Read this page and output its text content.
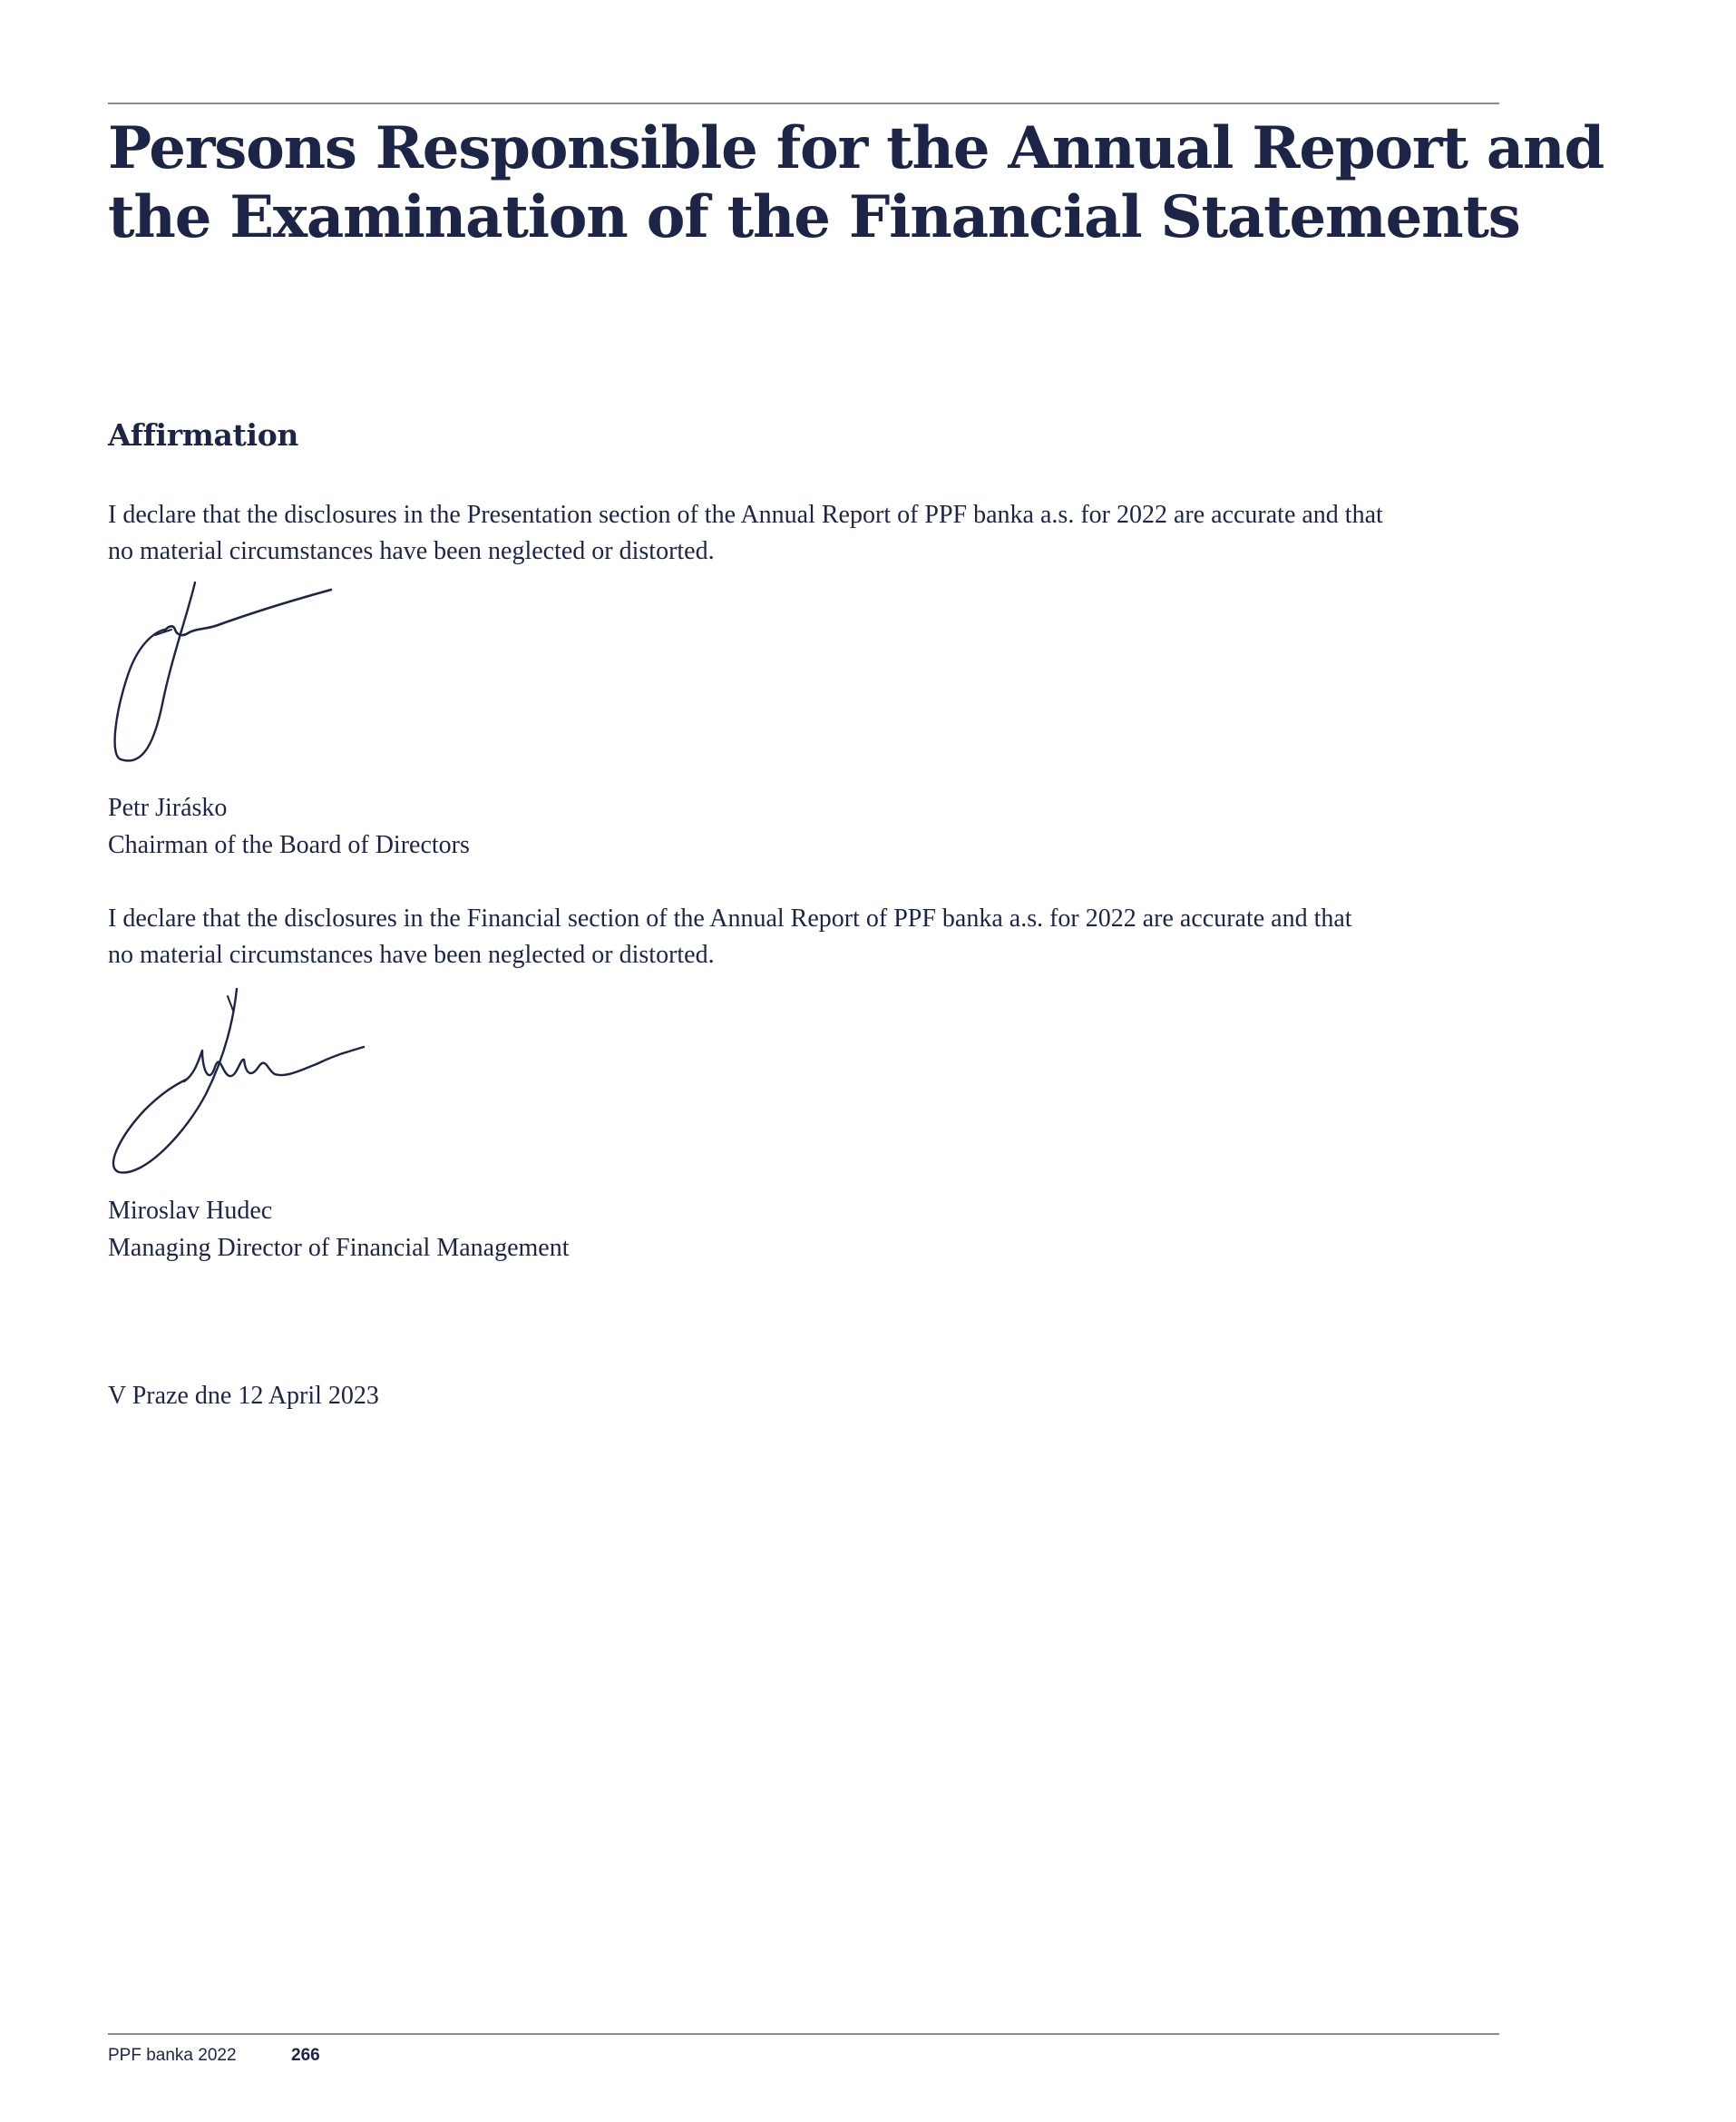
Persons Responsible for the Annual Report and
the Examination of the Financial Statements
Affirmation

I declare that the disclosures in the Presentation section of the Annual Report of PPF banka a.s. for 2022 are accurate and that
no material circumstances have been neglected or distorted.

Petr Jirásko
Chairman of the Board of Directors

I declare that the disclosures in the Financial section of the Annual Report of PPF banka a.s. for 2022 are accurate and that
no material circumstances have been neglected or distorted.

Miroslav Hudec
Managing Director of Financial Management

V Praze dne 12 April 2023

PPF banka 2022	266
